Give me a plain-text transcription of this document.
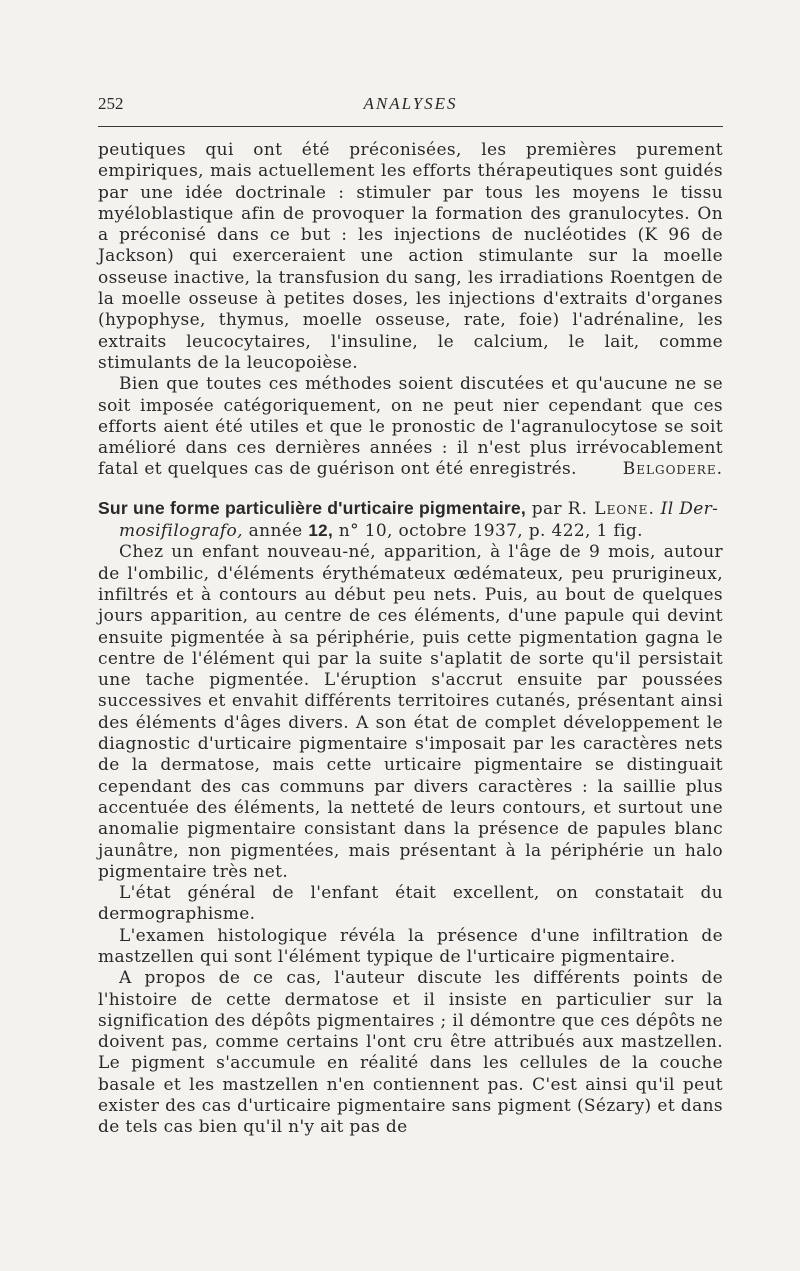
252	ANALYSES

peutiques qui ont été préconisées, les premières purement empiriques, mais actuellement les efforts thérapeutiques sont guidés par une idée doctrinale : stimuler par tous les moyens le tissu myéloblastique afin de provoquer la formation des granulocytes. On a préconisé dans ce but : les injections de nucléotides (K 96 de Jackson) qui exerceraient une action stimulante sur la moelle osseuse inactive, la transfusion du sang, les irradiations Roentgen de la moelle osseuse à petites doses, les injections d'extraits d'organes (hypophyse, thymus, moelle osseuse, rate, foie) l'adrénaline, les extraits leucocytaires, l'insuline, le calcium, le lait, comme stimulants de la leucopoièse.

Bien que toutes ces méthodes soient discutées et qu'aucune ne se soit imposée catégoriquement, on ne peut nier cependant que ces efforts aient été utiles et que le pronostic de l'agranulocytose se soit amélioré dans ces dernières années : il n'est plus irrévocablement fatal et quelques cas de guérison ont été enregistrés.	Belgodere.

Sur une forme particulière d'urticaire pigmentaire, par R. Leone. Il Der-
mosifilografo, année 12, n° 10, octobre 1937, p. 422, 1 fig.

Chez un enfant nouveau-né, apparition, à l'âge de 9 mois, autour de l'ombilic, d'éléments érythémateux œdémateux, peu prurigineux, infiltrés et à contours au début peu nets. Puis, au bout de quelques jours apparition, au centre de ces éléments, d'une papule qui devint ensuite pigmentée à sa périphérie, puis cette pigmentation gagna le centre de l'élément qui par la suite s'aplatit de sorte qu'il persistait une tache pigmentée. L'éruption s'accrut ensuite par poussées successives et envahit différents territoires cutanés, présentant ainsi des éléments d'âges divers. A son état de complet développement le diagnostic d'urticaire pigmentaire s'imposait par les caractères nets de la dermatose, mais cette urticaire pigmentaire se distinguait cependant des cas communs par divers caractères : la saillie plus accentuée des éléments, la netteté de leurs contours, et surtout une anomalie pigmentaire consistant dans la présence de papules blanc jaunâtre, non pigmentées, mais présentant à la périphérie un halo pigmentaire très net.

L'état général de l'enfant était excellent, on constatait du dermographisme.

L'examen histologique révéla la présence d'une infiltration de mastzellen qui sont l'élément typique de l'urticaire pigmentaire.

A propos de ce cas, l'auteur discute les différents points de l'histoire de cette dermatose et il insiste en particulier sur la signification des dépôts pigmentaires ; il démontre que ces dépôts ne doivent pas, comme certains l'ont cru être attribués aux mastzellen. Le pigment s'accumule en réalité dans les cellules de la couche basale et les mastzellen n'en contiennent pas. C'est ainsi qu'il peut exister des cas d'urticaire pigmentaire sans pigment (Sézary) et dans de tels cas bien qu'il n'y ait pas de
